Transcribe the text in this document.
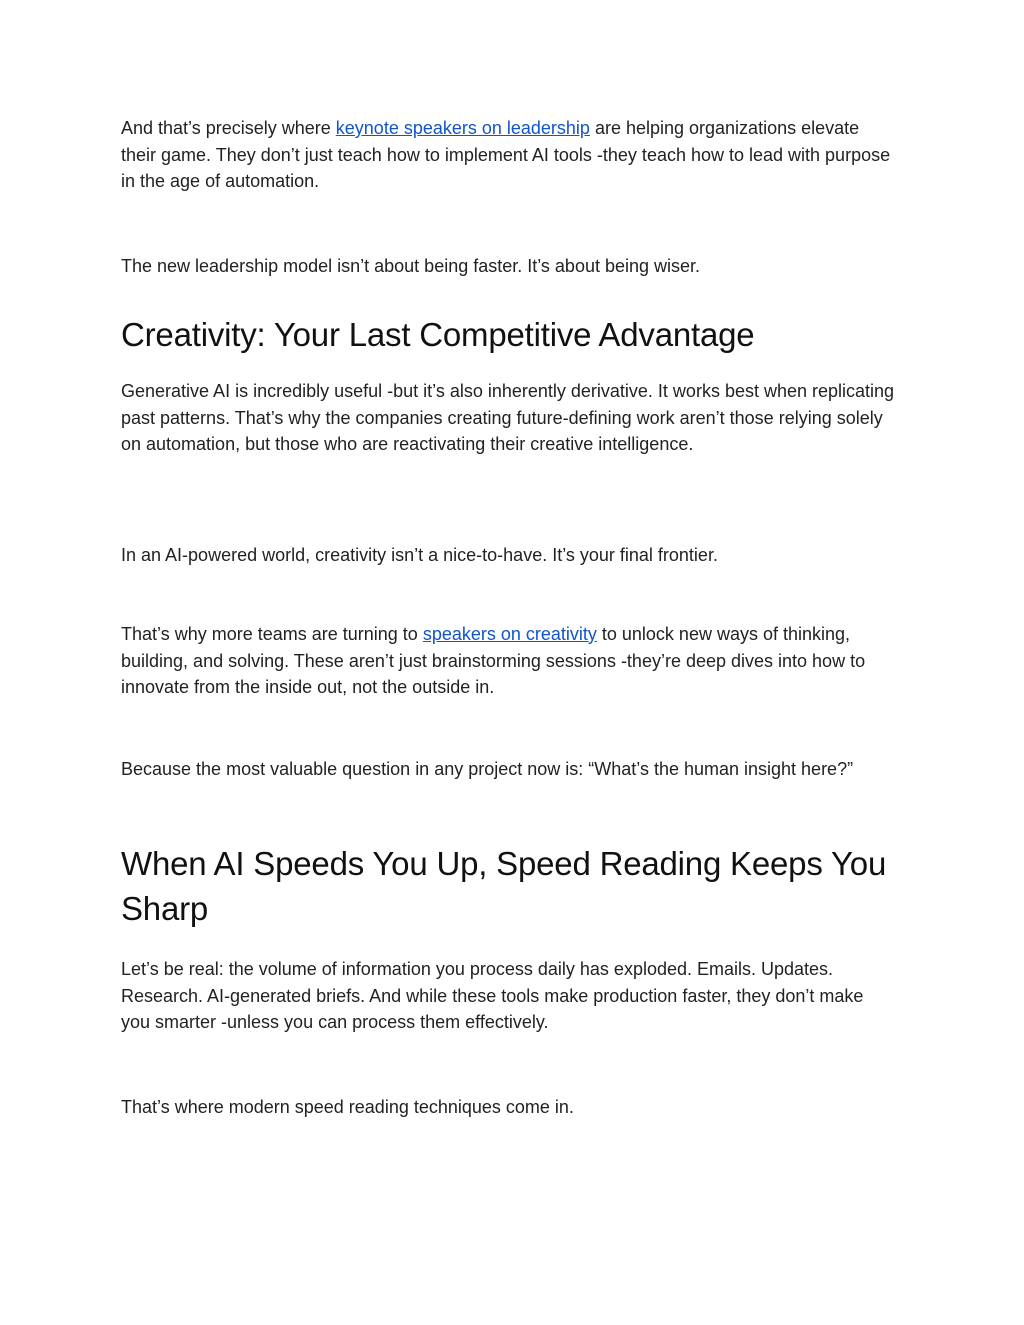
And that’s precisely where keynote speakers on leadership are helping organizations elevate their game. They don’t just teach how to implement AI tools -they teach how to lead with purpose in the age of automation.

The new leadership model isn’t about being faster. It’s about being wiser.

Creativity: Your Last Competitive Advantage

Generative AI is incredibly useful -but it’s also inherently derivative. It works best when replicating past patterns. That’s why the companies creating future-defining work aren’t those relying solely on automation, but those who are reactivating their creative intelligence.

In an AI-powered world, creativity isn’t a nice-to-have. It’s your final frontier.

That’s why more teams are turning to speakers on creativity to unlock new ways of thinking, building, and solving. These aren’t just brainstorming sessions -they’re deep dives into how to innovate from the inside out, not the outside in.

Because the most valuable question in any project now is: “What’s the human insight here?”

When AI Speeds You Up, Speed Reading Keeps You Sharp

Let’s be real: the volume of information you process daily has exploded. Emails. Updates. Research. AI-generated briefs. And while these tools make production faster, they don’t make you smarter -unless you can process them effectively.

That’s where modern speed reading techniques come in.
